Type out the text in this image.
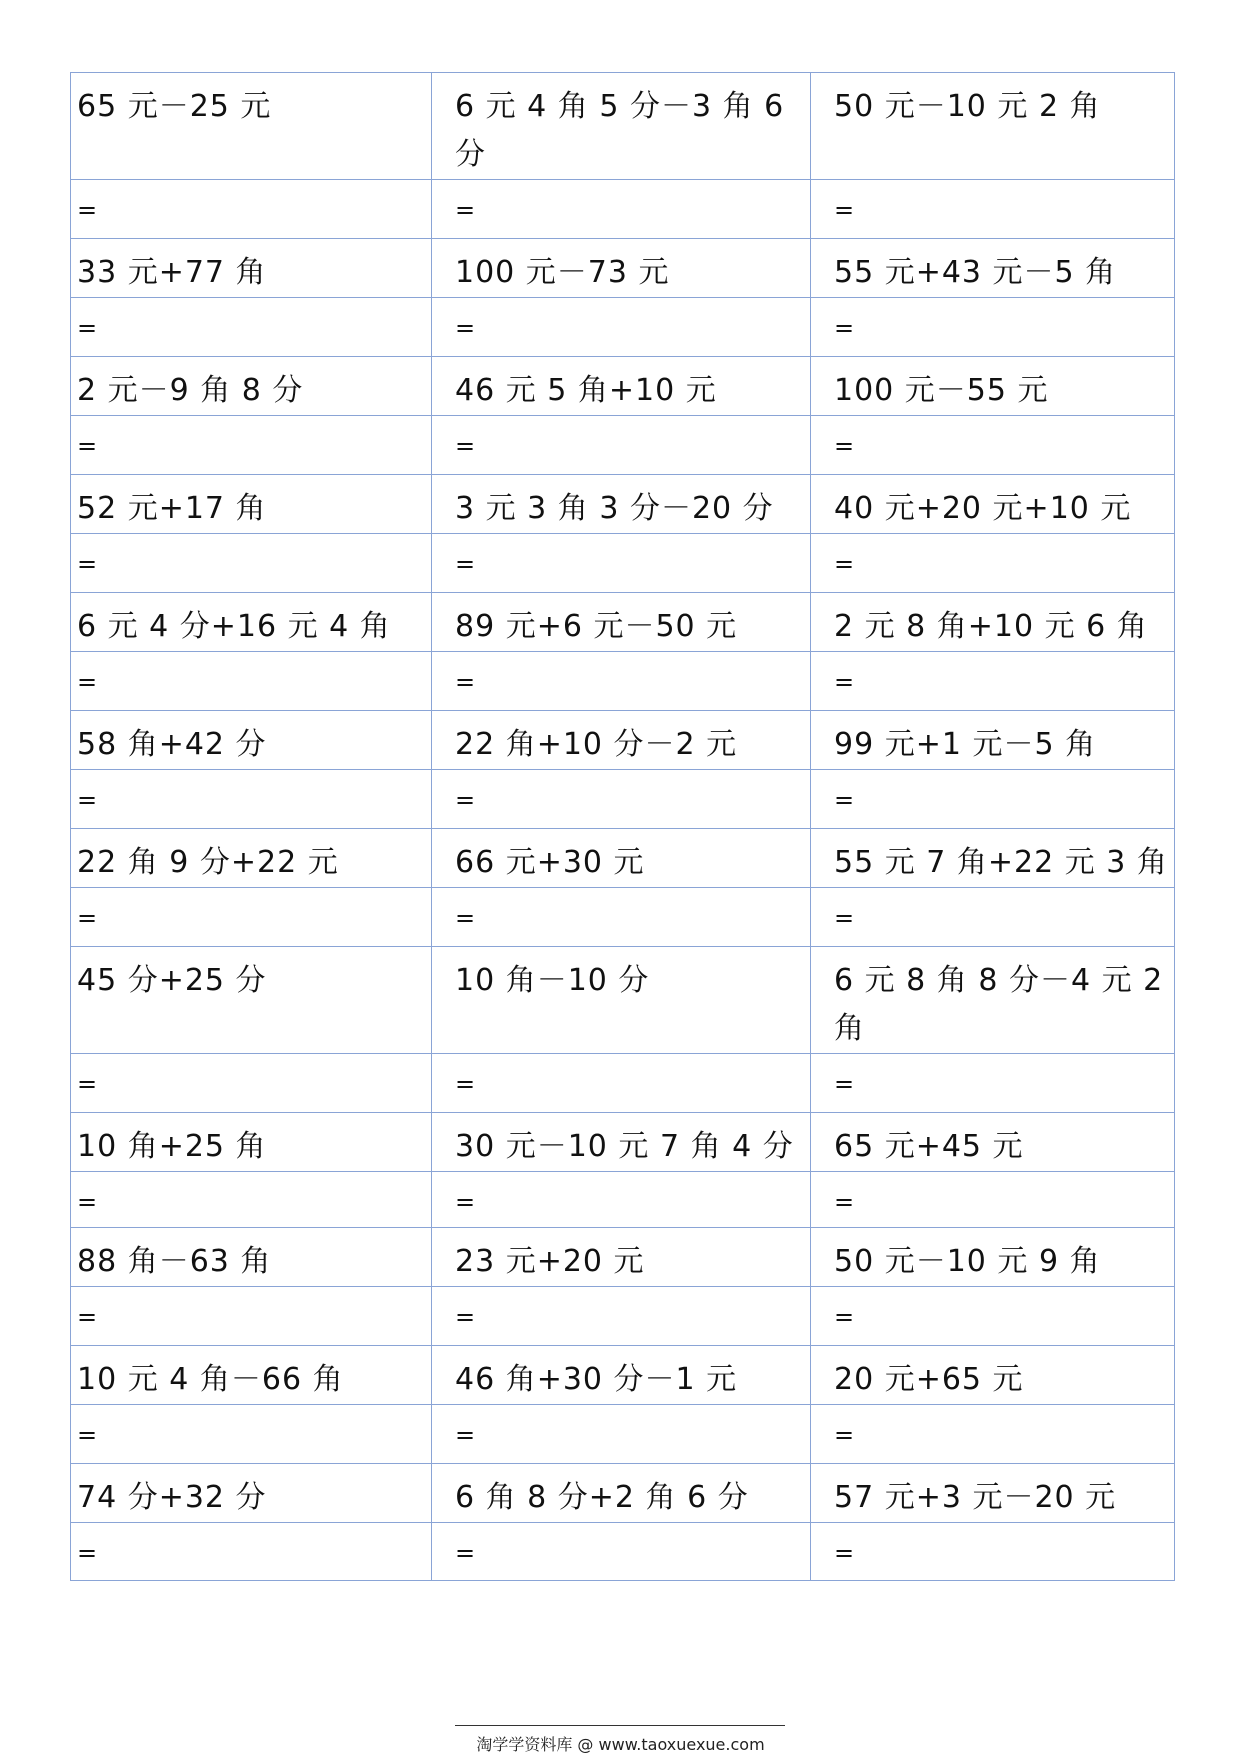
65 元－25 元	6 元 4 角 5 分－3 角 6 分	50 元－10 元 2 角
=	=	=
33 元+77 角	100 元－73 元	55 元+43 元－5 角
=	=	=
2 元－9 角 8 分	46 元 5 角+10 元	100 元－55 元
=	=	=
52 元+17 角	3 元 3 角 3 分－20 分	40 元+20 元+10 元
=	=	=
6 元 4 分+16 元 4 角	89 元+6 元－50 元	2 元 8 角+10 元 6 角
=	=	=
58 角+42 分	22 角+10 分－2 元	99 元+1 元－5 角
=	=	=
22 角 9 分+22 元	66 元+30 元	55 元 7 角+22 元 3 角
=	=	=
45 分+25 分	10 角－10 分	6 元 8 角 8 分－4 元 2 角
=	=	=
10 角+25 角	30 元－10 元 7 角 4 分	65 元+45 元
=	=	=
88 角－63 角	23 元+20 元	50 元－10 元 9 角
=	=	=
10 元 4 角－66 角	46 角+30 分－1 元	20 元+65 元
=	=	=
74 分+32 分	6 角 8 分+2 角 6 分	57 元+3 元－20 元
=	=	=
淘学学资料库 @ www.taoxuexue.com
